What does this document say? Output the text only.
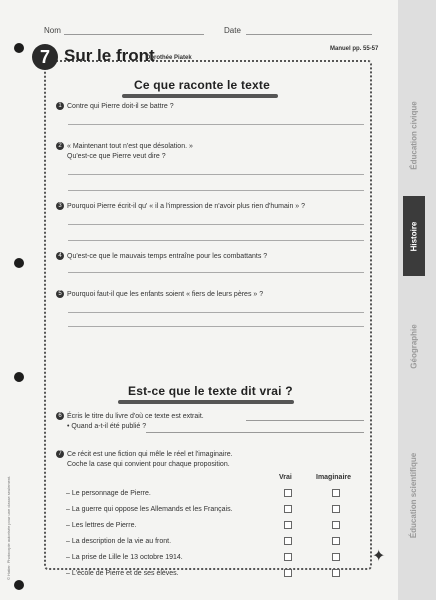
Nom	Date
7 Sur le front
Dorothée Piatek
Manuel pp. 55-57
Ce que raconte le texte
1 Contre qui Pierre doit-il se battre ?
2 « Maintenant tout n'est que désolation. »
Qu'est-ce que Pierre veut dire ?
3 Pourquoi Pierre écrit-il qu' « il a l'impression de n'avoir plus rien d'humain » ?
4 Qu'est-ce que le mauvais temps entraîne pour les combattants ?
5 Pourquoi faut-il que les enfants soient « fiers de leurs pères » ?
Est-ce que le texte dit vrai ?
6 Écris le titre du livre d'où ce texte est extrait.
• Quand a-t-il été publié ?
7 Ce récit est une fiction qui mêle le réel et l'imaginaire.
Coche la case qui convient pour chaque proposition.
Vrai	Imaginaire
– Le personnage de Pierre.
– La guerre qui oppose les Allemands et les Français.
– Les lettres de Pierre.
– La description de la vie au front.
– La prise de Lille le 13 octobre 1914.
– L'école de Pierre et de ses élèves.
✦
© Hatier. Photocopie autorisée pour une classe seulement.
Éducation civique
Histoire
Géographie
Éducation scientifique
